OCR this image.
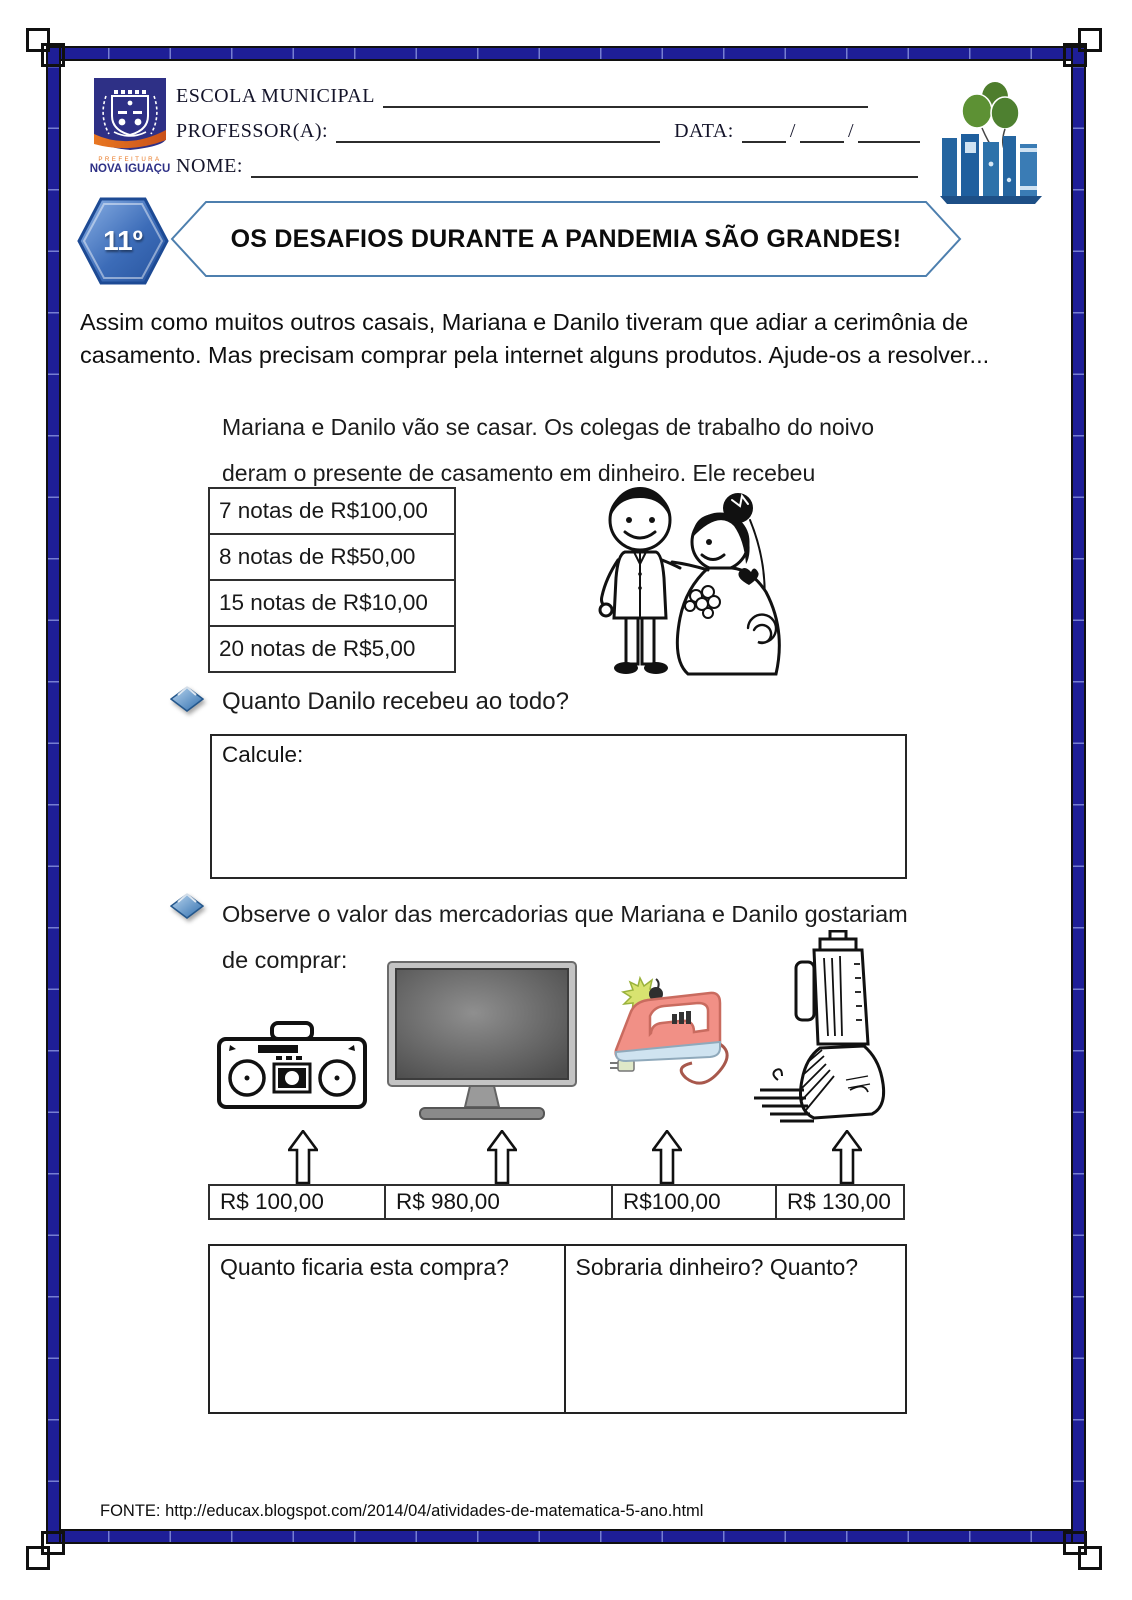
PREFEITURA
NOVA IGUAÇU
ESCOLA MUNICIPAL
PROFESSOR(A):	DATA:	/	/
NOME:
11º	OS DESAFIOS DURANTE A PANDEMIA SÃO GRANDES!
Assim como muitos outros casais, Mariana e Danilo tiveram que adiar a cerimônia de casamento. Mas precisam comprar pela internet alguns produtos. Ajude-os a resolver...
Mariana e Danilo vão se casar. Os colegas de trabalho do noivo
deram o presente de casamento em dinheiro. Ele recebeu
7 notas de R$100,00
8 notas de R$50,00
15 notas de R$10,00
20 notas de R$5,00
Quanto Danilo recebeu ao todo?
Calcule:
Observe o valor das mercadorias que Mariana e Danilo gostariam
de comprar:
R$ 100,00	R$ 980,00	R$100,00	R$ 130,00
Quanto ficaria esta compra?	Sobraria dinheiro? Quanto?
FONTE: http://educax.blogspot.com/2014/04/atividades-de-matematica-5-ano.html
